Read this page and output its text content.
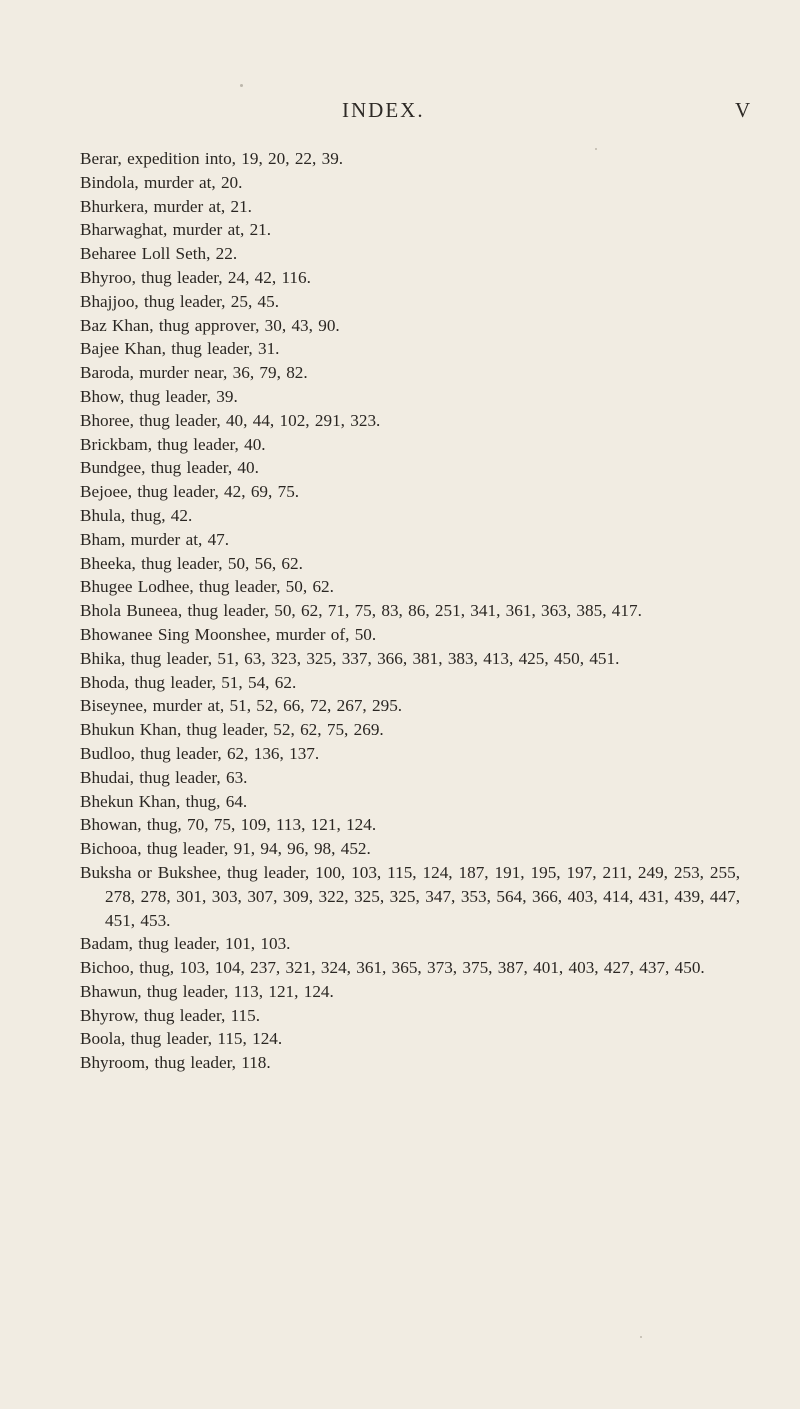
INDEX.	V
Berar, expedition into, 19, 20, 22, 39.
Bindola, murder at, 20.
Bhurkera, murder at, 21.
Bharwaghat, murder at, 21.
Beharee Loll Seth, 22.
Bhyroo, thug leader, 24, 42, 116.
Bhajjoo, thug leader, 25, 45.
Baz Khan, thug approver, 30, 43, 90.
Bajee Khan, thug leader, 31.
Baroda, murder near, 36, 79, 82.
Bhow, thug leader, 39.
Bhoree, thug leader, 40, 44, 102, 291, 323.
Brickbam, thug leader, 40.
Bundgee, thug leader, 40.
Bejoee, thug leader, 42, 69, 75.
Bhula, thug, 42.
Bham, murder at, 47.
Bheeka, thug leader, 50, 56, 62.
Bhugee Lodhee, thug leader, 50, 62.
Bhola Buneea, thug leader, 50, 62, 71, 75, 83, 86, 251, 341, 361, 363, 385, 417.
Bhowanee Sing Moonshee, murder of, 50.
Bhika, thug leader, 51, 63, 323, 325, 337, 366, 381, 383, 413, 425, 450, 451.
Bhoda, thug leader, 51, 54, 62.
Biseynee, murder at, 51, 52, 66, 72, 267, 295.
Bhukun Khan, thug leader, 52, 62, 75, 269.
Budloo, thug leader, 62, 136, 137.
Bhudai, thug leader, 63.
Bhekun Khan, thug, 64.
Bhowan, thug, 70, 75, 109, 113, 121, 124.
Bichooa, thug leader, 91, 94, 96, 98, 452.
Buksha or Bukshee, thug leader, 100, 103, 115, 124, 187, 191, 195, 197, 211, 249, 253, 255, 278, 278, 301, 303, 307, 309, 322, 325, 325, 347, 353, 564, 366, 403, 414, 431, 439, 447, 451, 453.
Badam, thug leader, 101, 103.
Bichoo, thug, 103, 104, 237, 321, 324, 361, 365, 373, 375, 387, 401, 403, 427, 437, 450.
Bhawun, thug leader, 113, 121, 124.
Bhyrow, thug leader, 115.
Boola, thug leader, 115, 124.
Bhyroom, thug leader, 118.
